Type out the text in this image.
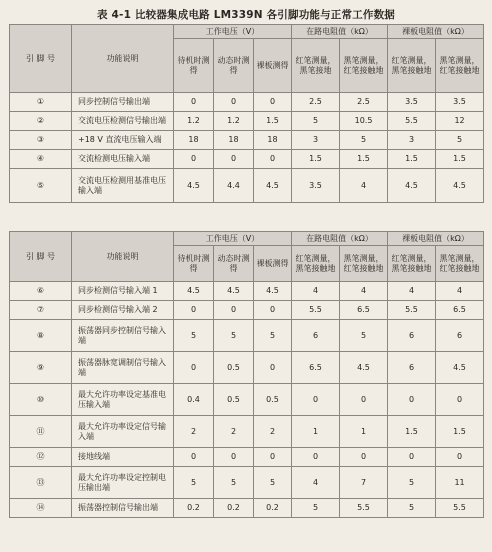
表 4-1 比较器集成电路 LM339N 各引脚功能与正常工作数据
引 脚 号	功能说明	工作电压（V）			在路电阻值（kΩ）		裸板电阻值（kΩ）	
		待机时测得	动态时测得	裸板测得	红笔测量，黑笔接地	黑笔测量，红笔接触地	红笔测量，黑笔接触地	黑笔测量，红笔接触地
①	同步控制信号输出端	0	0	0	2.5	2.5	3.5	3.5
②	交流电压检测信号输出端	1.2	1.2	1.5	5	10.5	5.5	12
③	+18 V 直流电压输入端	18	18	18	3	5	3	5
④	交流检测电压输入端	0	0	0	1.5	1.5	1.5	1.5
⑤	交流电压检测用基准电压输入端	4.5	4.4	4.5	3.5	4	4.5	4.5
引 脚 号	功能说明	工作电压（V）			在路电阻值（kΩ）		裸板电阻值（kΩ）	
		待机时测得	动态时测得	裸板测得	红笔测量，黑笔接触地	黑笔测量，红笔接触地	红笔测量，黑笔接触地	黑笔测量，红笔接触地
⑥	同步检测信号输入端 1	4.5	4.5	4.5	4	4	4	4
⑦	同步检测信号输入端 2	0	0	0	5.5	6.5	5.5	6.5
⑧	振荡器同步控制信号输入端	5	5	5	6	5	6	6
⑨	振荡器脉宽调制信号输入端	0	0.5	0	6.5	4.5	6	4.5
⑩	最大允许功率设定基准电压输入端	0.4	0.5	0.5	0	0	0	0
⑪	最大允许功率设定信号输入端	2	2	2	1	1	1.5	1.5
⑫	接地线端	0	0	0	0	0	0	0
⑬	最大允许功率设定控制电压输出端	5	5	5	4	7	5	11
⑭	振荡器控制信号输出端	0.2	0.2	0.2	5	5.5	5	5.5
